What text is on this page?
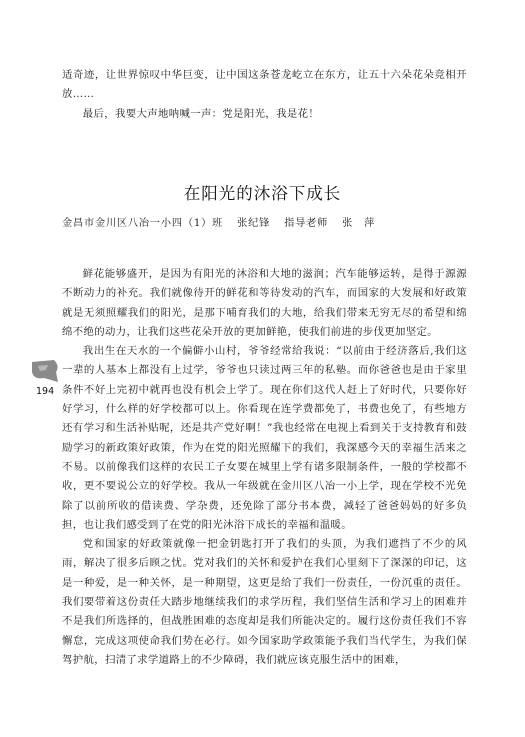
适奇迹，让世界惊叹中华巨变，让中国这条苍龙屹立在东方，让五十六朵花朵竞相开放……

最后，我要大声地呐喊一声：党是阳光，我是花！

在阳光的沐浴下成长
金昌市金川区八冶一小四（1）班 张纪锋 指导老师 张　萍

鲜花能够盛开，是因为有阳光的沐浴和大地的滋润；汽车能够运转，是得于源源不断动力的补充。我们就像待开的鲜花和等待发动的汽车，而国家的大发展和好政策就是无须照耀我们的阳光，是那下哺育我们的大地，给我们带来无穷无尽的希望和绵绵不绝的动力，让我们这些花朵开放的更加鲜艳，使我们前进的步伐更加坚定。

我出生在天水的一个偏僻小山村，爷爷经常给我说：“以前由于经济落后,我们这一辈的人基本上都没有上过学，爷爷也只读过两三年的私塾。而你爸爸也是由于家里条件不好上完初中就再也没有机会上学了。现在你们这代人赶上了好时代，只要你好好学习，什么样的好学校都可以上。你看现在连学费都免了，书费也免了，有些地方还有学习和生活补贴呢，还是共产党好啊！”我也经常在电视上看到关于支持教育和鼓励学习的新政策好政策，作为在党的阳光照耀下的我们，我深感今天的幸福生活来之不易。以前像我们这样的农民工子女要在城里上学有诸多限制条件，一般的学校都不收，更不要说公立的好学校。我从一年级就在金川区八冶一小上学，现在学校不光免除了以前所收的借读费、学杂费，还免除了部分书本费，减轻了爸爸妈妈的好多负担，也让我们感受到了在党的阳光沐浴下成长的幸福和温暖。

党和国家的好政策就像一把金钥匙打开了我们的头顶，为我们遮挡了不少的风雨，解决了很多后顾之忧。党对我们的关怀和爱护在我们心里刻下了深深的印记，这是一种爱，是一种关怀，是一种期望，这更是给了我们一份责任，一份沉重的责任。我们要带着这份责任大踏步地继续我们的求学历程，我们坚信生活和学习上的困难并不是我们所选择的，但战胜困难的态度却是我们所能决定的。履行这份责任我们不容懈怠，完成这项使命我们势在必行。如今国家助学政策能予我们当代学生，为我们保驾护航，扫清了求学道路上的不少障碍，我们就应该克服生活中的困难，

194
